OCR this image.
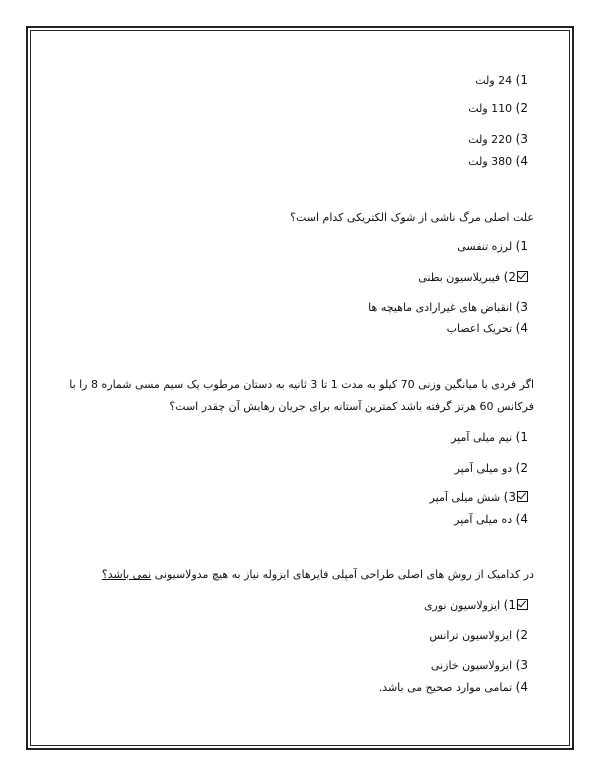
1) 24 ولت
2) 110 ولت
3) 220 ولت
4) 380 ولت
علت اصلی مرگ ناشی از شوک الکتریکی کدام است؟
1) لرزه تنفسی
2) فیبریلاسیون بطنی
3) انقباض های غیرارادی ماهیچه ها
4) تحریک اعصاب
اگر فردی با میانگین وزنی 70 کیلو به مدت 1 تا 3 ثانیه به دستان مرطوب یک سیم مسی شماره 8 را با
فرکانس 60 هرتز گرفته باشد کمترین آستانه برای جریان رهایش آن چقدر است؟
1) نیم میلی آمپر
2) دو میلی آمپر
3) شش میلی آمپر
4) ده میلی آمپر
در کدامیک از روش های اصلی طراحی آمپلی فایرهای ایزوله نیاز به هیچ مدولاسیونی نمی باشد؟
1) ایزولاسیون نوری
2) ایزولاسیون ترانس
3) ایزولاسیون خازنی
4) تمامی موارد صحیح می باشد.
